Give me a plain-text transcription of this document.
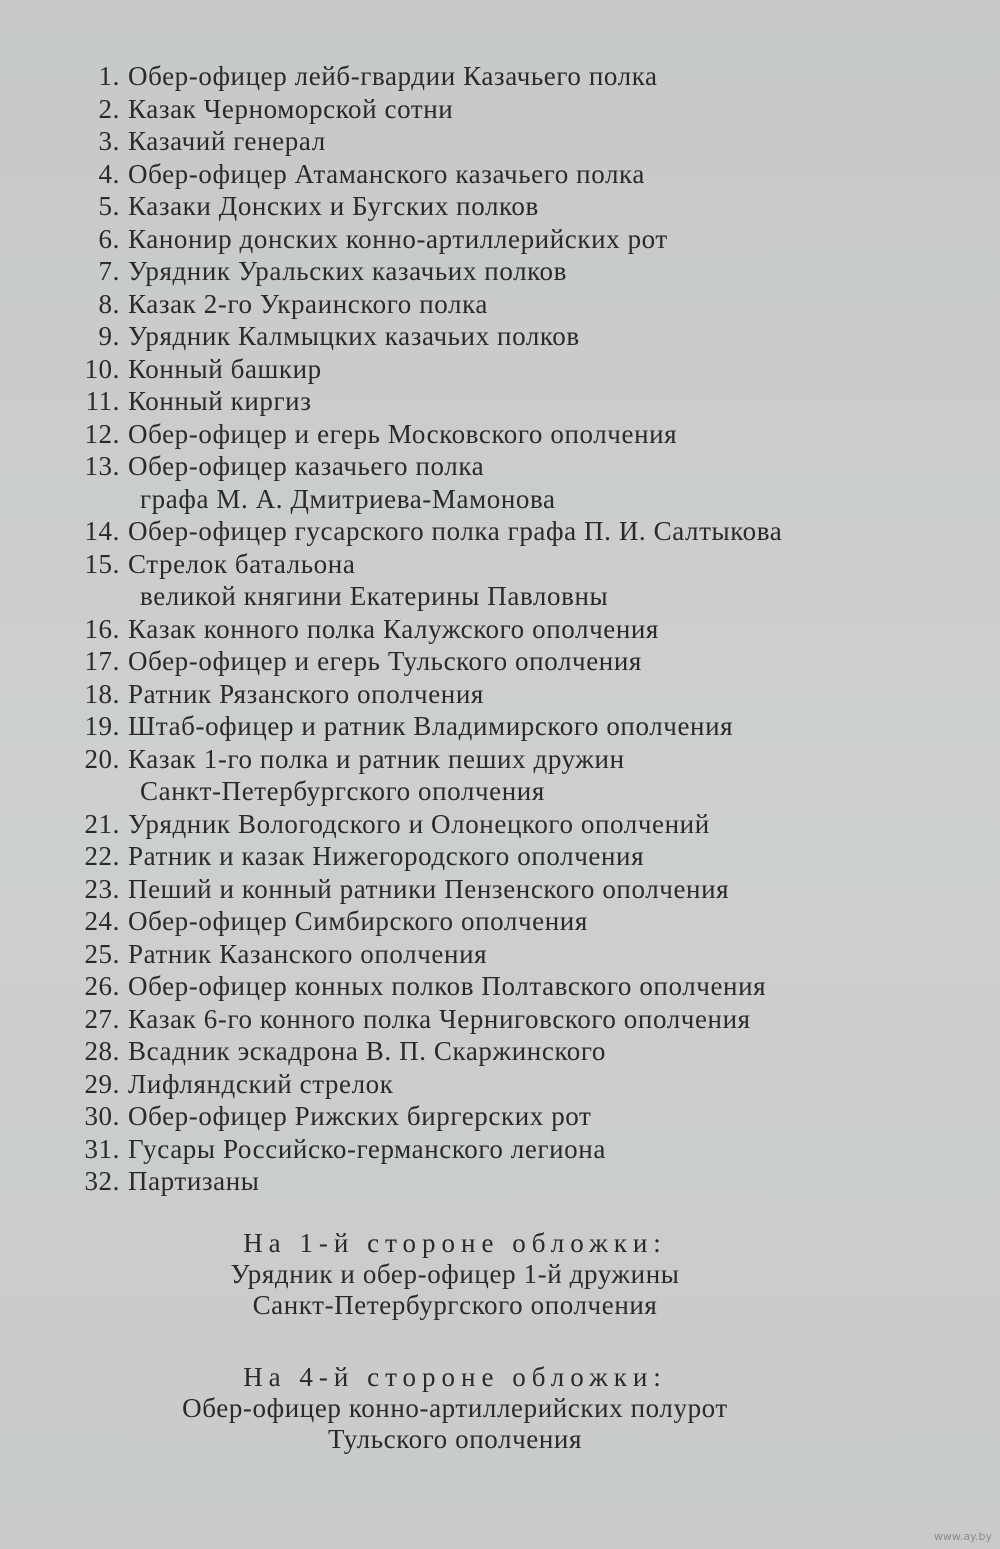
1. Обер-офицер лейб-гвардии Казачьего полка
2. Казак Черноморской сотни
3. Казачий генерал
4. Обер-офицер Атаманского казачьего полка
5. Казаки Донских и Бугских полков
6. Канонир донских конно-артиллерийских рот
7. Урядник Уральских казачьих полков
8. Казак 2-го Украинского полка
9. Урядник Калмыцких казачьих полков
10. Конный башкир
11. Конный киргиз
12. Обер-офицер и егерь Московского ополчения
13. Обер-офицер казачьего полка
графа М. А. Дмитриева-Мамонова
14. Обер-офицер гусарского полка графа П. И. Салтыкова
15. Стрелок батальона
великой княгини Екатерины Павловны
16. Казак конного полка Калужского ополчения
17. Обер-офицер и егерь Тульского ополчения
18. Ратник Рязанского ополчения
19. Штаб-офицер и ратник Владимирского ополчения
20. Казак 1-го полка и ратник пеших дружин
Санкт-Петербургского ополчения
21. Урядник Вологодского и Олонецкого ополчений
22. Ратник и казак Нижегородского ополчения
23. Пеший и конный ратники Пензенского ополчения
24. Обер-офицер Симбирского ополчения
25. Ратник Казанского ополчения
26. Обер-офицер конных полков Полтавского ополчения
27. Казак 6-го конного полка Черниговского ополчения
28. Всадник эскадрона В. П. Скаржинского
29. Лифляндский стрелок
30. Обер-офицер Рижских биргерских рот
31. Гусары Российско-германского легиона
32. Партизаны
На 1-й стороне обложки:
Урядник и обер-офицер 1-й дружины
Санкт-Петербургского ополчения
На 4-й стороне обложки:
Обер-офицер конно-артиллерийских полурот
Тульского ополчения
www.ay.by
